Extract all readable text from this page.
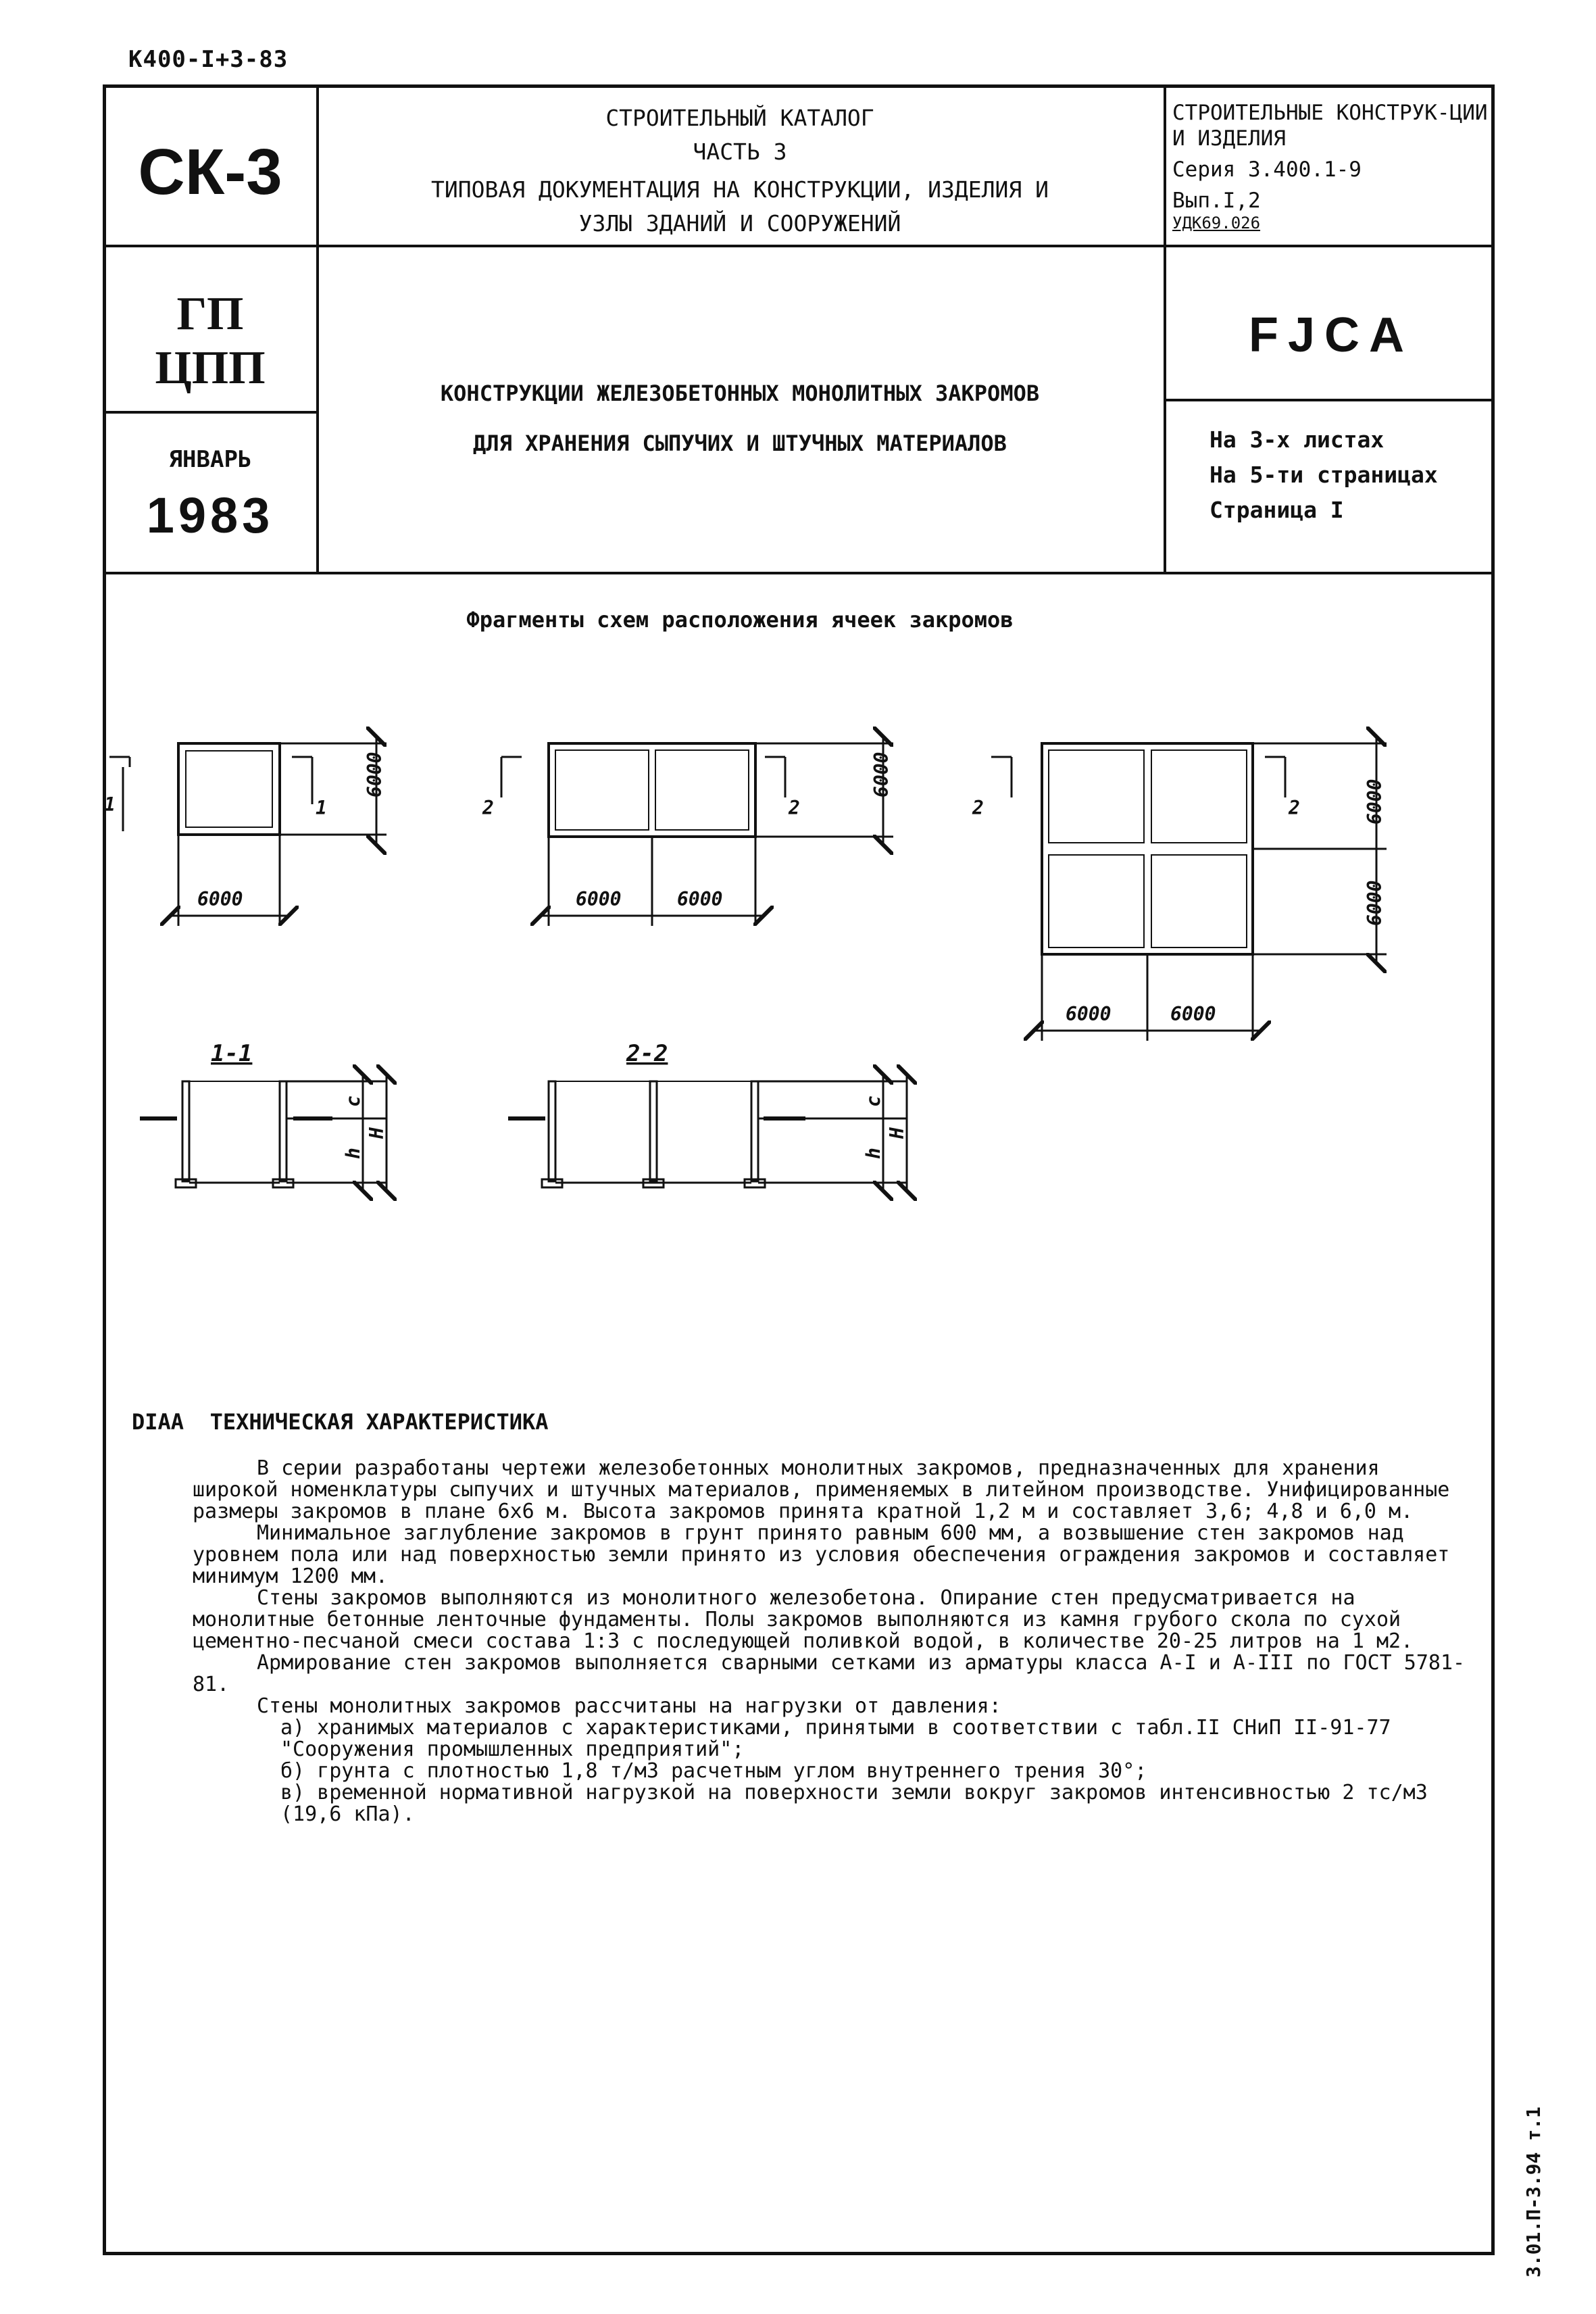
К400-I+3-83
СК-3
ГП
ЦПП
ЯНВАРЬ
1983
СТРОИТЕЛЬНЫЙ КАТАЛОГ
ЧАСТЬ 3
ТИПОВАЯ ДОКУМЕНТАЦИЯ НА КОНСТРУКЦИИ, ИЗДЕЛИЯ И
УЗЛЫ ЗДАНИЙ И СООРУЖЕНИЙ
СТРОИТЕЛЬНЫЕ КОНСТРУК-ЦИИ И ИЗДЕЛИЯ
Серия 3.400.1-9
Вып.I,2
УДК69.026
FJCA
На 3-х листах
На 5-ти страницах
Страница I
КОНСТРУКЦИИ ЖЕЛЕЗОБЕТОННЫХ МОНОЛИТНЫХ ЗАКРОМОВ
ДЛЯ ХРАНЕНИЯ СЫПУЧИХ И ШТУЧНЫХ МАТЕРИАЛОВ
Фрагменты схем расположения ячеек закромов
1	1
6000
6000
2	2
6000	6000
6000
2	2
6000	6000
6000
6000
1-1	2-2
c
h
H
c
h
H
DIAA ТЕХНИЧЕСКАЯ ХАРАКТЕРИСТИКА

В серии разработаны чертежи железобетонных монолитных закромов, предназначенных для хранения широкой номенклатуры сыпучих и штучных материалов, применяемых в литейном производстве. Унифицированные размеры закромов в плане 6х6 м. Высота закромов принята кратной 1,2 м и составляет 3,6; 4,8 и 6,0 м.

Минимальное заглубление закромов в грунт принято равным 600 мм, а возвышение стен закромов над уровнем пола или над поверхностью земли принято из условия обеспечения ограждения закромов и составляет минимум 1200 мм.

Стены закромов выполняются из монолитного железобетона. Опирание стен предусматривается на монолитные бетонные ленточные фундаменты. Полы закромов выполняются из камня грубого скола по сухой цементно-песчаной смеси состава 1:3 с последующей поливкой водой, в количестве 20-25 литров на 1 м2.

Армирование стен закромов выполняется сварными сетками из арматуры класса А-I и А-III по ГОСТ 5781-81.

Стены монолитных закромов рассчитаны на нагрузки от давления:

а) хранимых материалов с характеристиками, принятыми в соответствии с табл.II СНиП II-91-77 "Сооружения промышленных предприятий";

б) грунта с плотностью 1,8 т/м3 расчетным углом внутреннего трения 30°;

в) временной нормативной нагрузкой на поверхности земли вокруг закромов интенсивностью 2 тс/м3 (19,6 кПа).

3.01.П-3.94 т.1
